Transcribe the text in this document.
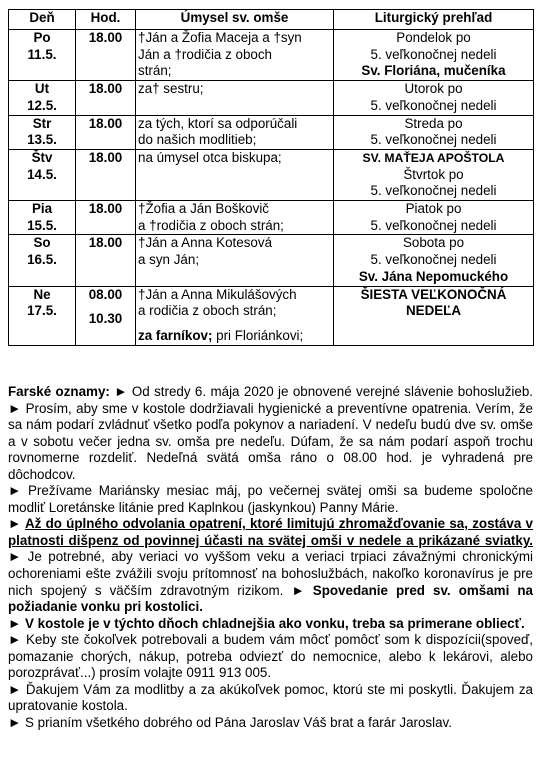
Deň	Hod.	Úmysel sv. omše	Liturgický prehľad

Po
11.5.	18.00	†Ján a Žofia Maceja a †syn
Ján a †rodičia z oboch
strán;	Pondelok po
5. veľkonočnej nedeli
Sv. Floriána, mučeníka

Ut
12.5.	18.00	za† sestru;	Utorok po
5. veľkonočnej nedeli

Str
13.5.	18.00	za tých, ktorí sa odporúčali
do našich modlitieb;	Streda po
5. veľkonočnej nedeli

Štv
14.5.	18.00	na úmysel otca biskupa;	SV. MAŤEJA APOŠTOLA
Štvrtok po
5. veľkonočnej nedeli

Pia
15.5.	18.00	†Žofia a Ján Boškovič
a †rodičia z oboch strán;	Piatok po
5. veľkonočnej nedeli

So
16.5.	18.00	†Ján a Anna Kotesová
a syn Ján;	Sobota po
5. veľkonočnej nedeli
Sv. Jána Nepomuckého

Ne
17.5.	08.00
10.30	†Ján a Anna Mikulášových
a rodičia z oboch strán;
za farníkov; pri Floriánkovi;	ŠIESTA VEĽKONOČNÁ
NEDEĽA

Farské oznamy: ► Od stredy 6. mája 2020 je obnovené verejné slávenie bohoslužieb. ► Prosím, aby sme v kostole dodržiavali hygienické a preventívne opatrenia. Verím, že sa nám podarí zvládnuť všetko podľa pokynov a nariadení. V nedeľu budú dve sv. omše a v sobotu večer jedna sv. omša pre nedeľu. Dúfam, že sa nám podarí aspoň trochu rovnomerne rozdeliť. Nedeľná svätá omša ráno o 08.00 hod. je vyhradená pre dôchodcov.

► Prežívame Mariánsky mesiac máj, po večernej svätej omši sa budeme spoločne modliť Loretánske litánie pred Kaplnkou (jaskynkou) Panny Márie.

► Až do úplného odvolania opatrení, ktoré limitujú zhromažďovanie sa, zostáva v platnosti dišpenz od povinnej účasti na svätej omši v nedele a prikázané sviatky. ► Je potrebné, aby veriaci vo vyššom veku a veriaci trpiaci závažnými chronickými ochoreniami ešte zvážili svoju prítomnosť na bohoslužbách, nakoľko koronavírus je pre nich spojený s väčším zdravotným rizikom. ► Spovedanie pred sv. omšami na požiadanie vonku pri kostolici.

► V kostole je v týchto dňoch chladnejšia ako vonku, treba sa primerane obliecť.

► Keby ste čokoľvek potrebovali a budem vám môcť pomôcť som k dispozícii(spoveď, pomazanie chorých, nákup, potreba odviezť do nemocnice, alebo k lekárovi, alebo porozprávať...) prosím volajte 0911 913 005.

► Ďakujem Vám za modlitby a za akúkoľvek pomoc, ktorú ste mi poskytli. Ďakujem za upratovanie kostola.

► S prianím všetkého dobrého od Pána Jaroslav Váš brat a farár Jaroslav.
